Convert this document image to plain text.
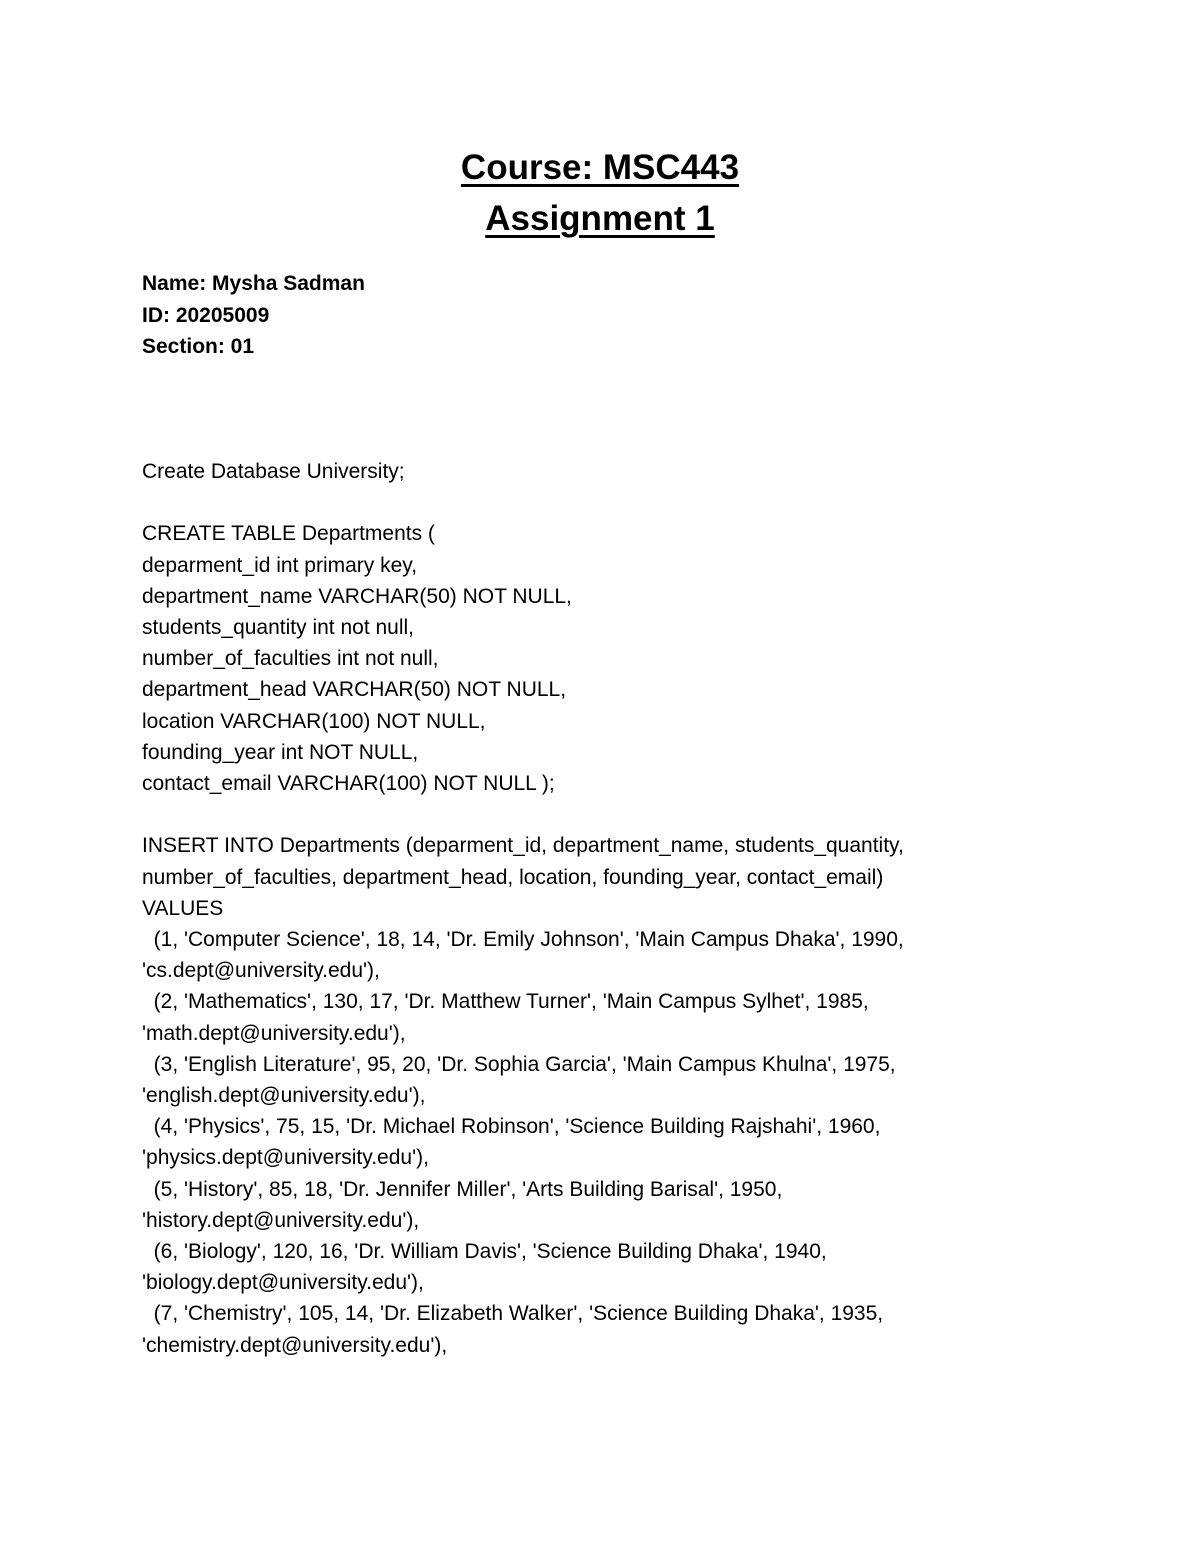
Course: MSC443

Assignment 1

Name: Mysha Sadman

ID: 20205009

Section: 01

Create Database University;

CREATE TABLE Departments (

deparment_id int primary key,

department_name VARCHAR(50) NOT NULL,

students_quantity int not null,

number_of_faculties int not null,

department_head VARCHAR(50) NOT NULL,

location VARCHAR(100) NOT NULL,

founding_year int NOT NULL,

contact_email VARCHAR(100) NOT NULL );

INSERT INTO Departments (deparment_id, department_name, students_quantity,

number_of_faculties, department_head, location, founding_year, contact_email)

VALUES

(1, 'Computer Science', 18, 14, 'Dr. Emily Johnson', 'Main Campus Dhaka', 1990,

'cs.dept@university.edu'),

(2, 'Mathematics', 130, 17, 'Dr. Matthew Turner', 'Main Campus Sylhet', 1985,

'math.dept@university.edu'),

(3, 'English Literature', 95, 20, 'Dr. Sophia Garcia', 'Main Campus Khulna', 1975,

'english.dept@university.edu'),

(4, 'Physics', 75, 15, 'Dr. Michael Robinson', 'Science Building Rajshahi', 1960,

'physics.dept@university.edu'),

(5, 'History', 85, 18, 'Dr. Jennifer Miller', 'Arts Building Barisal', 1950,

'history.dept@university.edu'),

(6, 'Biology', 120, 16, 'Dr. William Davis', 'Science Building Dhaka', 1940,

'biology.dept@university.edu'),

(7, 'Chemistry', 105, 14, 'Dr. Elizabeth Walker', 'Science Building Dhaka', 1935,

'chemistry.dept@university.edu'),
